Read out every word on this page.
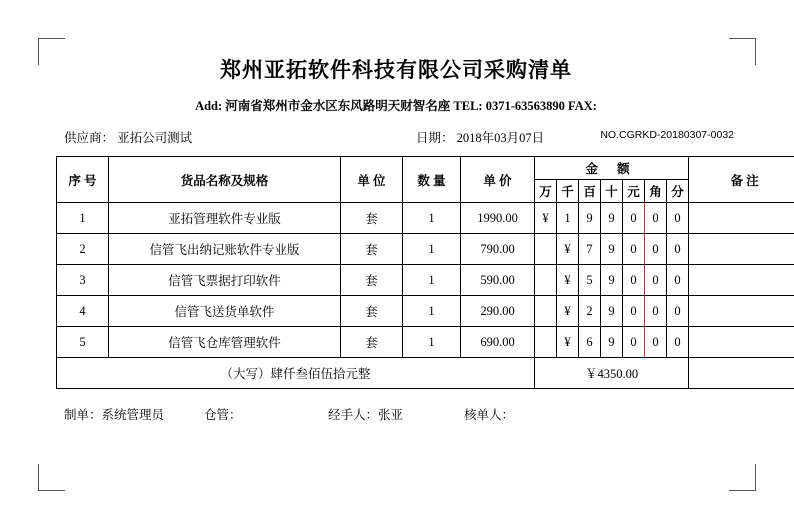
郑州亚拓软件科技有限公司采购清单
Add: 河南省郑州市金水区东风路明天财智名座 TEL: 0371-63563890 FAX:
供应商： 亚拓公司测试	日期： 2018年03月07日	NO.CGRKD-20180307-0032
序 号	货品名称及规格	单 位	数 量	单 价	金 额							备 注
					万	千	百	十	元	角	分	
1	亚拓管理软件专业版	套	1	1990.00	¥	1	9	9	0	0	0	
2	信管飞出纳记账软件专业版	套	1	790.00		¥	7	9	0	0	0	
3	信管飞票据打印软件	套	1	590.00		¥	5	9	0	0	0	
4	信管飞送货单软件	套	1	290.00		¥	2	9	0	0	0	
5	信管飞仓库管理软件	套	1	690.00		¥	6	9	0	0	0	
（大写）肆仟叁佰伍拾元整					￥4350.00							
制单：系统管理员	仓管：	经手人：张亚	核单人：
